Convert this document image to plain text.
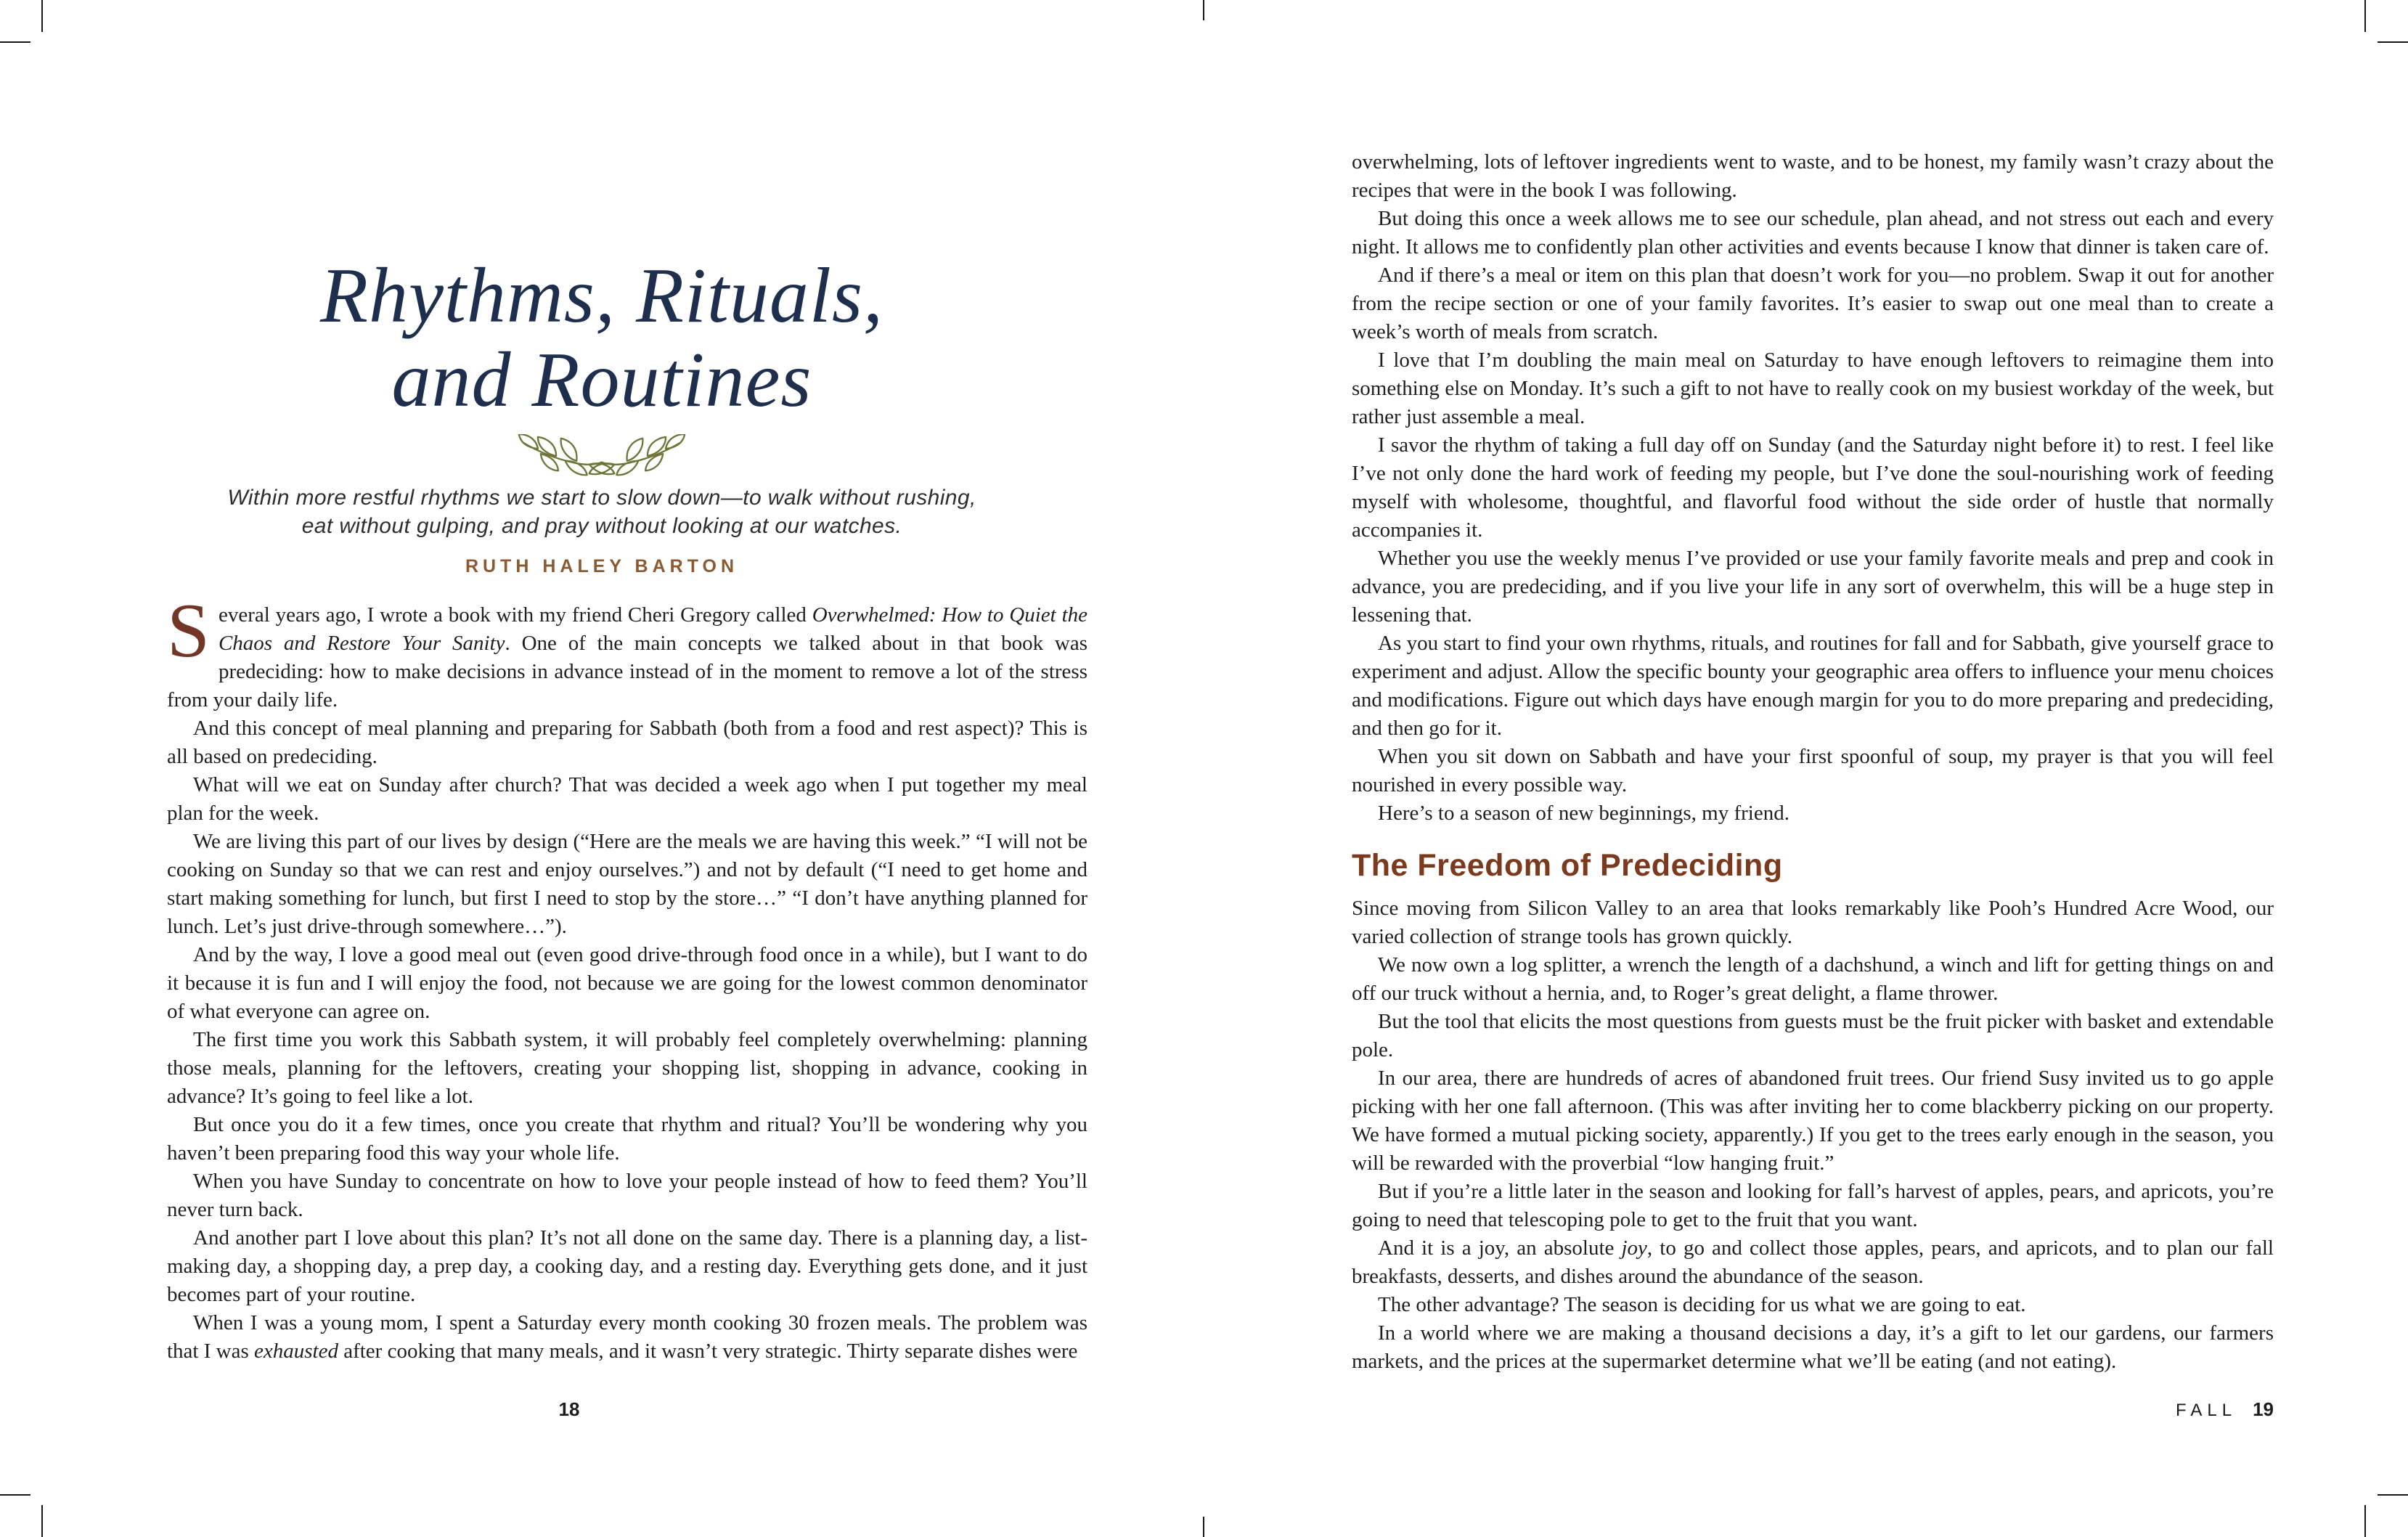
Rhythms, Rituals,
and Routines
Within more restful rhythms we start to slow down—to walk without rushing,
eat without gulping, and pray without looking at our watches.
RUTH HALEY BARTON

Several years ago, I wrote a book with my friend Cheri Gregory called Overwhelmed: How to Quiet the Chaos and Restore Your Sanity. One of the main concepts we talked about in that book was predeciding: how to make decisions in advance instead of in the moment to remove a lot of the stress from your daily life.

And this concept of meal planning and preparing for Sabbath (both from a food and rest aspect)? This is all based on predeciding.

What will we eat on Sunday after church? That was decided a week ago when I put together my meal plan for the week.

We are living this part of our lives by design (“Here are the meals we are having this week.” “I will not be cooking on Sunday so that we can rest and enjoy ourselves.”) and not by default (“I need to get home and start making something for lunch, but first I need to stop by the store…” “I don’t have anything planned for lunch. Let’s just drive-through somewhere…”).

And by the way, I love a good meal out (even good drive-through food once in a while), but I want to do it because it is fun and I will enjoy the food, not because we are going for the lowest common denominator of what everyone can agree on.

The first time you work this Sabbath system, it will probably feel completely overwhelming: planning those meals, planning for the leftovers, creating your shopping list, shopping in advance, cooking in advance? It’s going to feel like a lot.

But once you do it a few times, once you create that rhythm and ritual? You’ll be wondering why you haven’t been preparing food this way your whole life.

When you have Sunday to concentrate on how to love your people instead of how to feed them? You’ll never turn back.

And another part I love about this plan? It’s not all done on the same day. There is a planning day, a list-making day, a shopping day, a prep day, a cooking day, and a resting day. Everything gets done, and it just becomes part of your routine.

When I was a young mom, I spent a Saturday every month cooking 30 frozen meals. The problem was that I was exhausted after cooking that many meals, and it wasn’t very strategic. Thirty separate dishes were

18

overwhelming, lots of leftover ingredients went to waste, and to be honest, my family wasn’t crazy about the recipes that were in the book I was following.

But doing this once a week allows me to see our schedule, plan ahead, and not stress out each and every night. It allows me to confidently plan other activities and events because I know that dinner is taken care of.

And if there’s a meal or item on this plan that doesn’t work for you—no problem. Swap it out for another from the recipe section or one of your family favorites. It’s easier to swap out one meal than to create a week’s worth of meals from scratch.

I love that I’m doubling the main meal on Saturday to have enough leftovers to reimagine them into something else on Monday. It’s such a gift to not have to really cook on my busiest workday of the week, but rather just assemble a meal.

I savor the rhythm of taking a full day off on Sunday (and the Saturday night before it) to rest. I feel like I’ve not only done the hard work of feeding my people, but I’ve done the soul-nourishing work of feeding myself with wholesome, thoughtful, and flavorful food without the side order of hustle that normally accompanies it.

Whether you use the weekly menus I’ve provided or use your family favorite meals and prep and cook in advance, you are predeciding, and if you live your life in any sort of overwhelm, this will be a huge step in lessening that.

As you start to find your own rhythms, rituals, and routines for fall and for Sabbath, give yourself grace to experiment and adjust. Allow the specific bounty your geographic area offers to influence your menu choices and modifications. Figure out which days have enough margin for you to do more preparing and predeciding, and then go for it.

When you sit down on Sabbath and have your first spoonful of soup, my prayer is that you will feel nourished in every possible way.

Here’s to a season of new beginnings, my friend.

The Freedom of Predeciding

Since moving from Silicon Valley to an area that looks remarkably like Pooh’s Hundred Acre Wood, our varied collection of strange tools has grown quickly.

We now own a log splitter, a wrench the length of a dachshund, a winch and lift for getting things on and off our truck without a hernia, and, to Roger’s great delight, a flame thrower.

But the tool that elicits the most questions from guests must be the fruit picker with basket and extendable pole.

In our area, there are hundreds of acres of abandoned fruit trees. Our friend Susy invited us to go apple picking with her one fall afternoon. (This was after inviting her to come blackberry picking on our property. We have formed a mutual picking society, apparently.) If you get to the trees early enough in the season, you will be rewarded with the proverbial “low hanging fruit.”

But if you’re a little later in the season and looking for fall’s harvest of apples, pears, and apricots, you’re going to need that telescoping pole to get to the fruit that you want.

And it is a joy, an absolute joy, to go and collect those apples, pears, and apricots, and to plan our fall breakfasts, desserts, and dishes around the abundance of the season.

The other advantage? The season is deciding for us what we are going to eat.

In a world where we are making a thousand decisions a day, it’s a gift to let our gardens, our farmers markets, and the prices at the supermarket determine what we’ll be eating (and not eating).

FALL 19
